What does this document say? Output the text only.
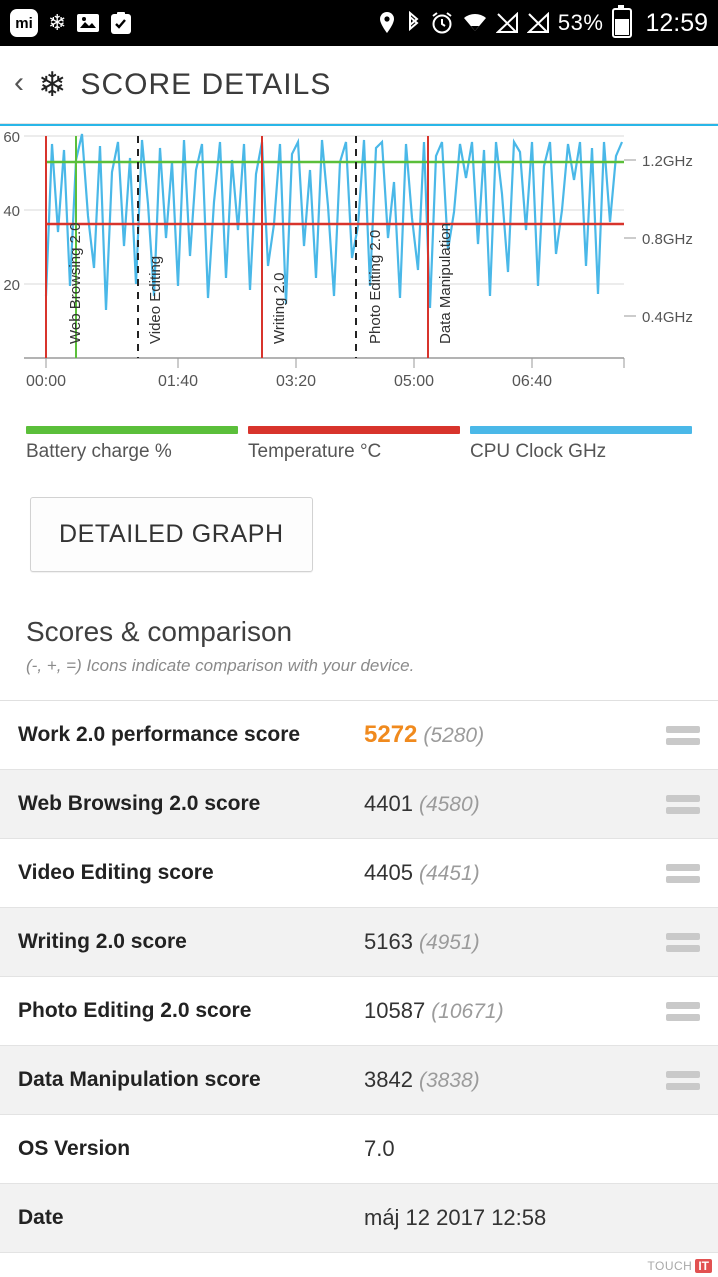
mi ❄	53% 12:59
‹ ❄ SCORE DETAILS
60
40
20
1.2GHz
0.8GHz
0.4GHz
Web Browsing 2.0	Video Editing	Writing 2.0	Photo Editing 2.0	Data Manipulation
00:00	01:40	03:20	05:00	06:40
Battery charge %	Temperature °C	CPU Clock GHz
DETAILED GRAPH
Scores & comparison
(-, +, =) Icons indicate comparison with your device.
Work 2.0 performance score	5272 (5280)
Web Browsing 2.0 score	4401 (4580)
Video Editing score	4405 (4451)
Writing 2.0 score	5163 (4951)
Photo Editing 2.0 score	10587 (10671)
Data Manipulation score	3842 (3838)
OS Version	7.0
Date	máj 12 2017 12:58
TOUCH IT
